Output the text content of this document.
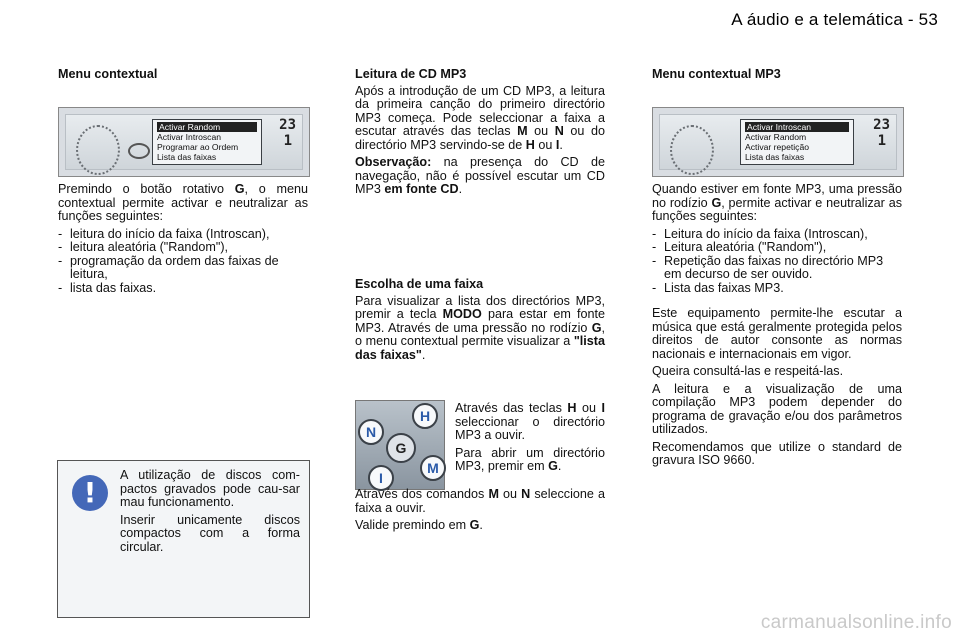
A áudio e a telemática - 53
Menu contextual
Activar Random
Activar Introscan
Programar ao Ordem
Lista das faixas
23
1

Premindo o botão rotativo G, o menu contextual permite activar e neutralizar as funções seguintes:

- leitura do início da faixa (Introscan),
- leitura aleatória ("Random"),
- programação da ordem das faixas de leitura,
- lista das faixas.
!

A utilização de discos com-pactos gravados pode cau-sar mau funcionamento.

Inserir unicamente discos compactos com a forma circular.

Leitura de CD MP3

Após a introdução de um CD MP3, a leitura da primeira canção do primeiro directório MP3 começa. Pode seleccionar a faixa a escutar através das teclas M ou N ou do directório MP3 servindo-se de H ou I.

Observação: na presença do CD de navegação, não é possível escutar um CD MP3 em fonte CD.

Escolha de uma faixa

Para visualizar a lista dos directórios MP3, premir a tecla MODO para estar em fonte MP3. Através de uma pressão no rodízio G, o menu contextual permite visualizar a "lista das faixas".

H
N
G
M
I

Através das teclas H ou I seleccionar o directório MP3 a ouvir.

Para abrir um directório MP3, premir em G.

Através dos comandos M ou N seleccione a faixa a ouvir.

Valide premindo em G.

Menu contextual MP3
Activar Introscan
Activar Random
Activar repetição
Lista das faixas
23
1

Quando estiver em fonte MP3, uma pressão no rodízio G, permite activar e neutralizar as funções seguintes:

- Leitura do início da faixa (Introscan),
- Leitura aleatória ("Random"),
- Repetição das faixas no directório MP3 em decurso de ser ouvido.
- Lista das faixas MP3.

Este equipamento permite-lhe escutar a música que está geralmente protegida pelos direitos de autor consonte as normas nacionais e internacionais em vigor.

Queira consultá-las e respeitá-las.

A leitura e a visualização de uma compilação MP3 podem depender do programa de gravação e/ou dos parâmetros utilizados.

Recomendamos que utilize o standard de gravura ISO 9660.

carmanualsonline.info
